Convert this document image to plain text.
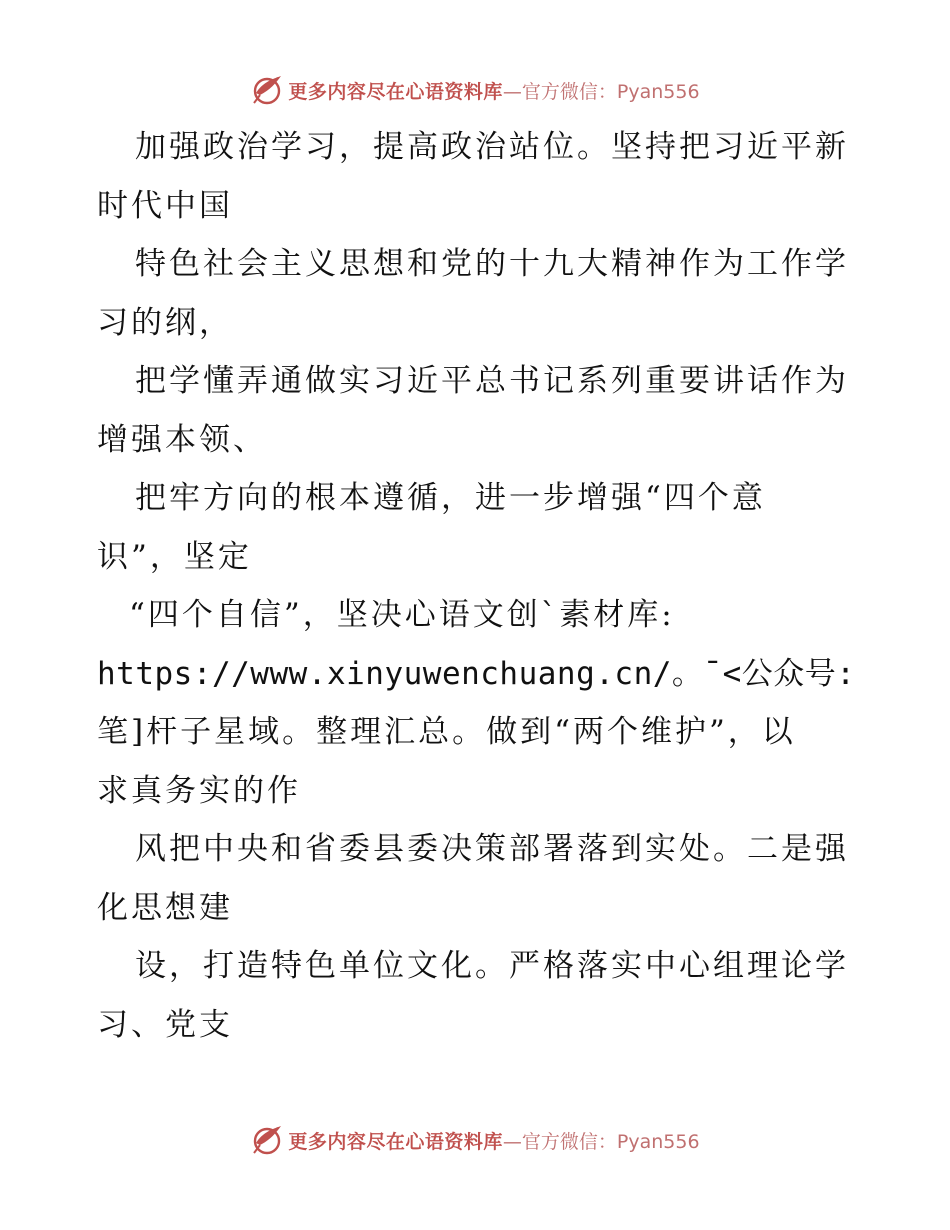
更多内容尽在心语资料库 —官方微信：Pyan556
加强政治学习，提高政治站位。坚持把习近平新
时代中国
特色社会主义思想和党的十九大精神作为工作学
习的纲，
把学懂弄通做实习近平总书记系列重要讲话作为
增强本领、
把牢方向的根本遵循，进一步增强“四个意
识”，坚定
“四个自信”，坚决心语文创`素材库:
https://www.xinyuwenchuang.cn/。¯<公众号:
笔]杆子星域。整理汇总。做到“两个维护”，以
求真务实的作
风把中央和省委县委决策部署落到实处。二是强
化思想建
设，打造特色单位文化。严格落实中心组理论学
习、党支
更多内容尽在心语资料库 —官方微信：Pyan556
